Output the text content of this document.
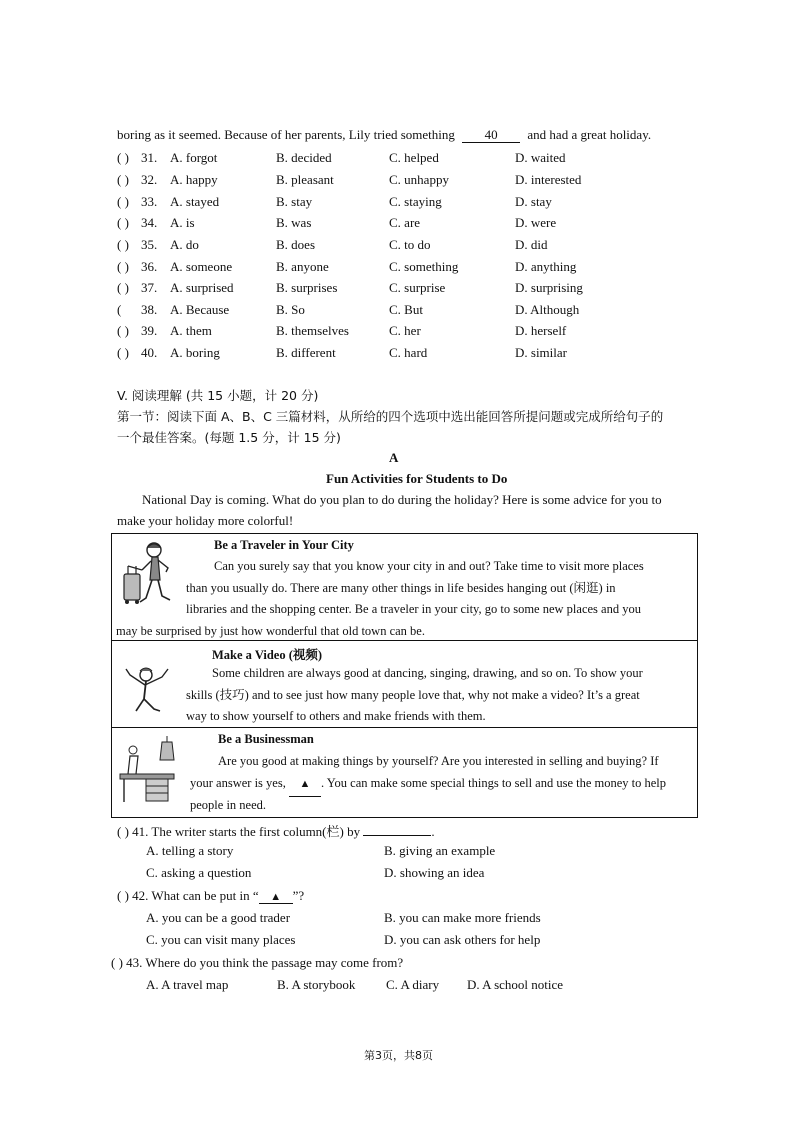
boring as it seemed. Because of her parents, Lily tried something 40 and had a great holiday.
( ) 31. A. forgot	B. decided	C. helped	D. waited
( ) 32. A. happy	B. pleasant	C. unhappy	D. interested
( ) 33. A. stayed	B. stay	C. staying	D. stay
( ) 34. A. is	B. was	C. are	D. were
( ) 35. A. do	B. does	C. to do	D. did
( ) 36. A. someone	B. anyone	C. something	D. anything
( ) 37. A. surprised	B. surprises	C. surprise	D. surprising
( 38. A. Because	B. So	C. But	D. Although
( ) 39. A. them	B. themselves	C. her	D. herself
( ) 40. A. boring	B. different	C. hard	D. similar
V. 阅读理解 (共 15 小题，计 20 分)
第一节：阅读下面 A、B、C 三篇材料，从所给的四个选项中选出能回答所提问题或完成所给句子的
一个最佳答案。(每题 1.5 分，计 15 分)
A
Fun Activities for Students to Do
National Day is coming. What do you plan to do during the holiday? Here is some advice for you to
make your holiday more colorful!
Be a Traveler in Your City
Can you surely say that you know your city in and out? Take time to visit more places
than you usually do. There are many other things in life besides hanging out (闲逛) in
libraries and the shopping center. Be a traveler in your city, go to some new places and you
may be surprised by just how wonderful that old town can be.
Make a Video (视频)
Some children are always good at dancing, singing, drawing, and so on. To show your
skills (技巧) and to see just how many people love that, why not make a video? It’s a great
way to show yourself to others and make friends with them.
Be a Businessman
Are you good at making things by yourself? Are you interested in selling and buying? If
your answer is yes, ▲ . You can make some special things to sell and use the money to help
people in need.
( ) 41. The writer starts the first column(栏) by	.
A. telling a story	B. giving an example
C. asking a question	D. showing an idea
( ) 42. What can be put in “ ▲ ”?
A. you can be a good trader	B. you can make more friends
C. you can visit many places	D. you can ask others for help
( ) 43. Where do you think the passage may come from?
A. A travel map	B. A storybook C. A diary D. A school notice
第3页，共8页
